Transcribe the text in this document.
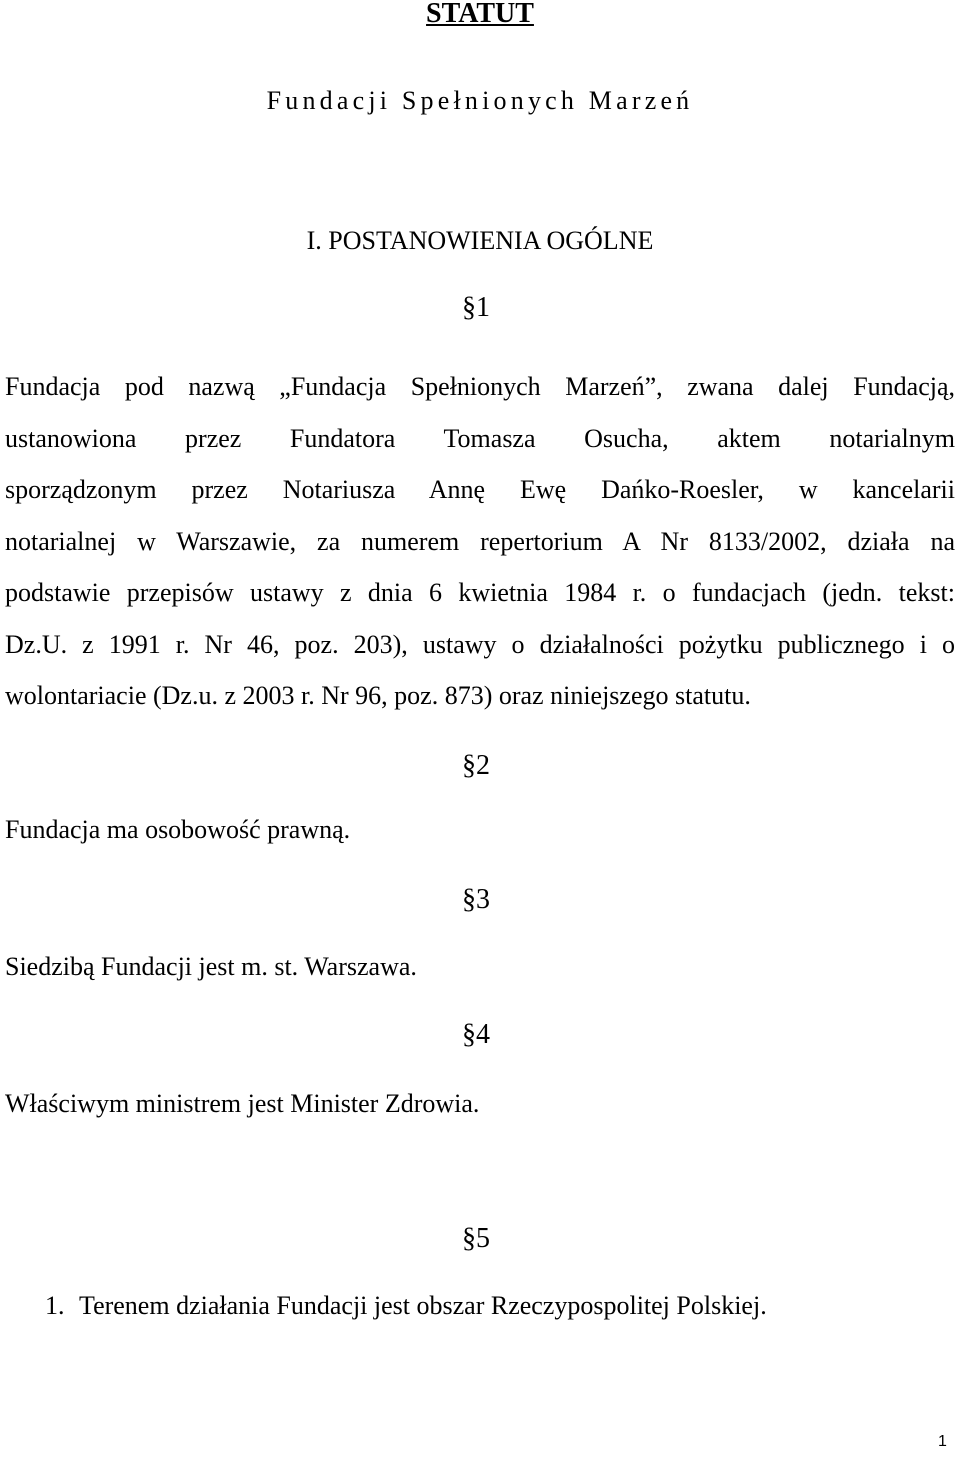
STATUT
Fundacji Spełnionych Marzeń
I. POSTANOWIENIA OGÓLNE
§1
Fundacja pod nazwą „Fundacja Spełnionych Marzeń”, zwana dalej Fundacją,
ustanowiona przez Fundatora Tomasza Osucha, aktem notarialnym
sporządzonym przez Notariusza Annę Ewę Dańko-Roesler, w kancelarii
notarialnej w Warszawie, za numerem repertorium A Nr 8133/2002, działa na
podstawie przepisów ustawy z dnia 6 kwietnia 1984 r. o fundacjach (jedn. tekst:
Dz.U. z 1991 r. Nr 46, poz. 203), ustawy o działalności pożytku publicznego i o
wolontariacie (Dz.u. z 2003 r. Nr 96, poz. 873) oraz niniejszego statutu.
§2
Fundacja ma osobowość prawną.
§3
Siedzibą Fundacji jest m. st. Warszawa.
§4
Właściwym ministrem jest Minister Zdrowia.
§5
1. Terenem działania Fundacji jest obszar Rzeczypospolitej Polskiej.
1
